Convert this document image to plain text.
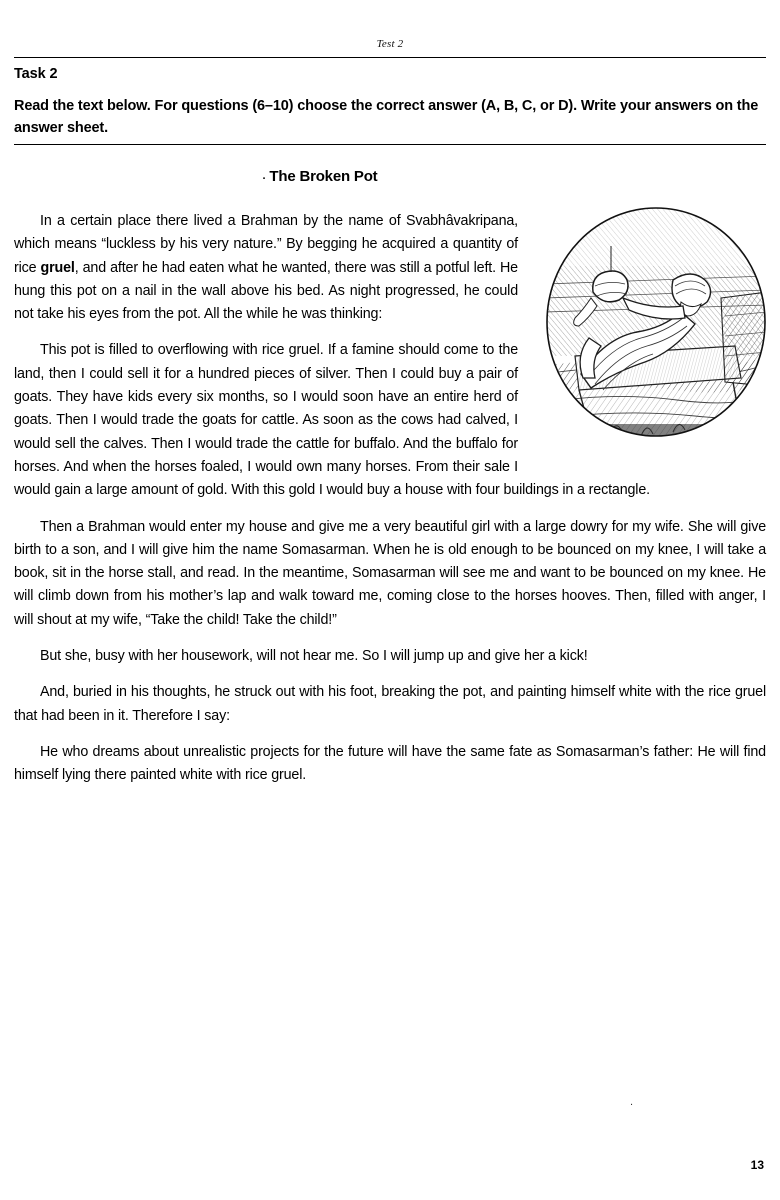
Test 2
Task 2
Read the text below. For questions (6–10) choose the correct answer (A, B, C, or D). Write your answers on the answer sheet.
. The Broken Pot

In a certain place there lived a Brahman by the name of Svabhâvakripana, which means “luckless by his very nature.” By begging he acquired a quantity of rice gruel, and after he had eaten what he wanted, there was still a potful left. He hung this pot on a nail in the wall above his bed. As night progressed, he could not take his eyes from the pot. All the while he was thinking:

This pot is filled to overflowing with rice gruel. If a famine should come to the land, then I could sell it for a hundred pieces of silver. Then I could buy a pair of goats. They have kids every six months, so I would soon have an entire herd of goats. Then I would trade the goats for cattle. As soon as the cows had calved, I would sell the calves. Then I would trade the cattle for buffalo. And the buffalo for horses. And when the horses foaled, I would own many horses. From their sale I would gain a large amount of gold. With this gold I would buy a house with four buildings in a rectangle.

Then a Brahman would enter my house and give me a very beautiful girl with a large dowry for my wife. She will give birth to a son, and I will give him the name Somasarman. When he is old enough to be bounced on my knee, I will take a book, sit in the horse stall, and read. In the meantime, Somasarman will see me and want to be bounced on my knee. He will climb down from his mother’s lap and walk toward me, coming close to the horses hooves. Then, filled with anger, I will shout at my wife, “Take the child! Take the child!”

But she, busy with her housework, will not hear me. So I will jump up and give her a kick!

And, buried in his thoughts, he struck out with his foot, breaking the pot, and painting himself white with the rice gruel that had been in it. Therefore I say:

He who dreams about unrealistic projects for the future will have the same fate as Somasarman’s father: He will find himself lying there painted white with rice gruel.

.
13
